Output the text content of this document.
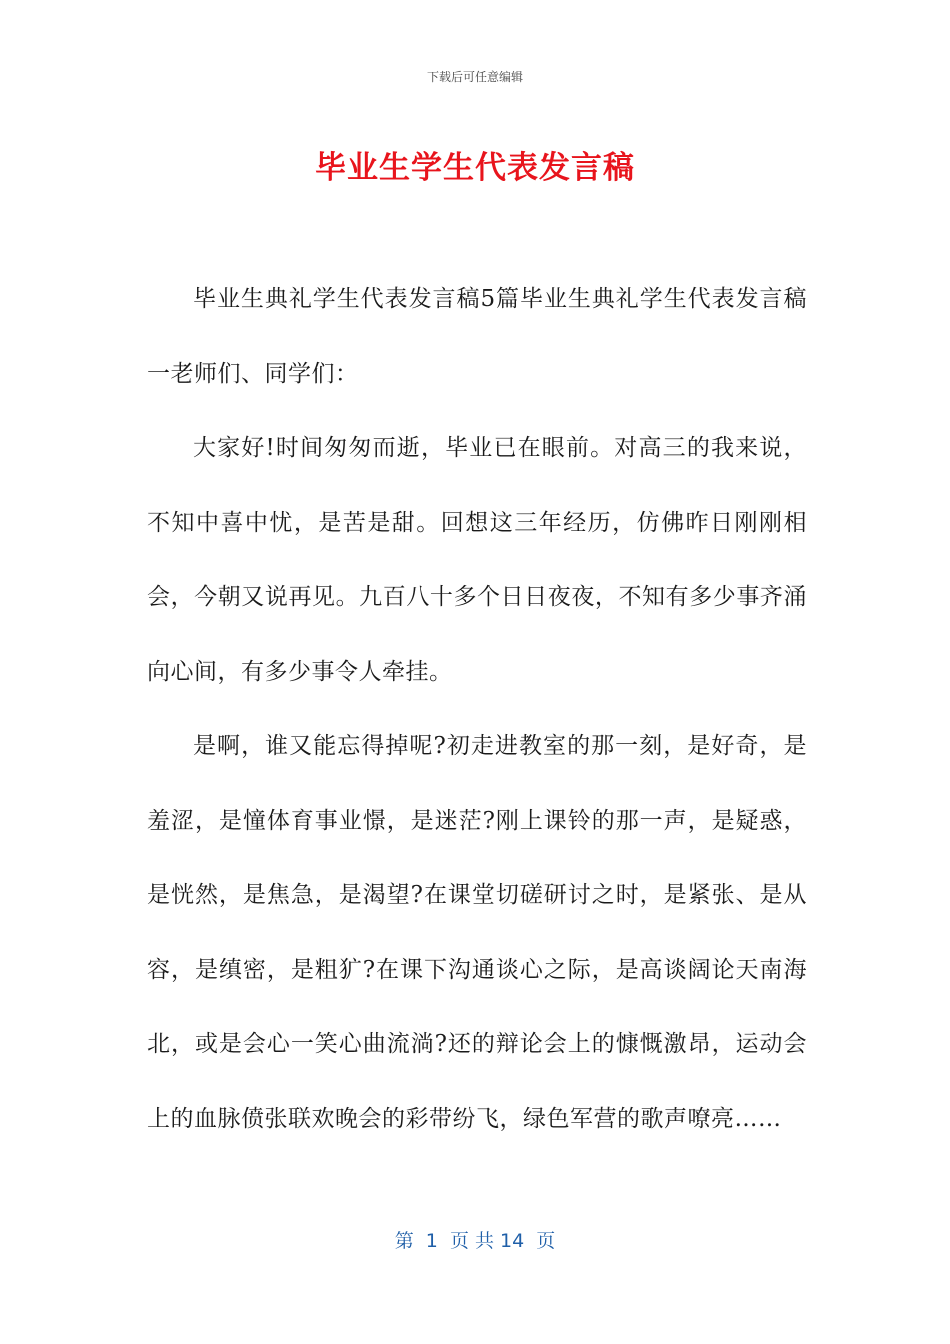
下载后可任意编辑
毕业生学生代表发言稿

毕业生典礼学生代表发言稿5篇毕业生典礼学生代表发言稿一老师们、同学们：

大家好!时间匆匆而逝，毕业已在眼前。对高三的我来说，不知中喜中忧，是苦是甜。回想这三年经历，仿佛昨日刚刚相会，今朝又说再见。九百八十多个日日夜夜，不知有多少事齐涌向心间，有多少事令人牵挂。

是啊，谁又能忘得掉呢?初走进教室的那一刻，是好奇，是羞涩，是憧体育事业憬，是迷茫?刚上课铃的那一声，是疑惑，是恍然，是焦急，是渴望?在课堂切磋研讨之时，是紧张、是从容，是缜密，是粗犷?在课下沟通谈心之际，是高谈阔论天南海北，或是会心一笑心曲流淌?还的辩论会上的慷慨激昂，运动会上的血脉偾张联欢晚会的彩带纷飞，绿色军营的歌声嘹亮……

第  1  页 共 14  页
